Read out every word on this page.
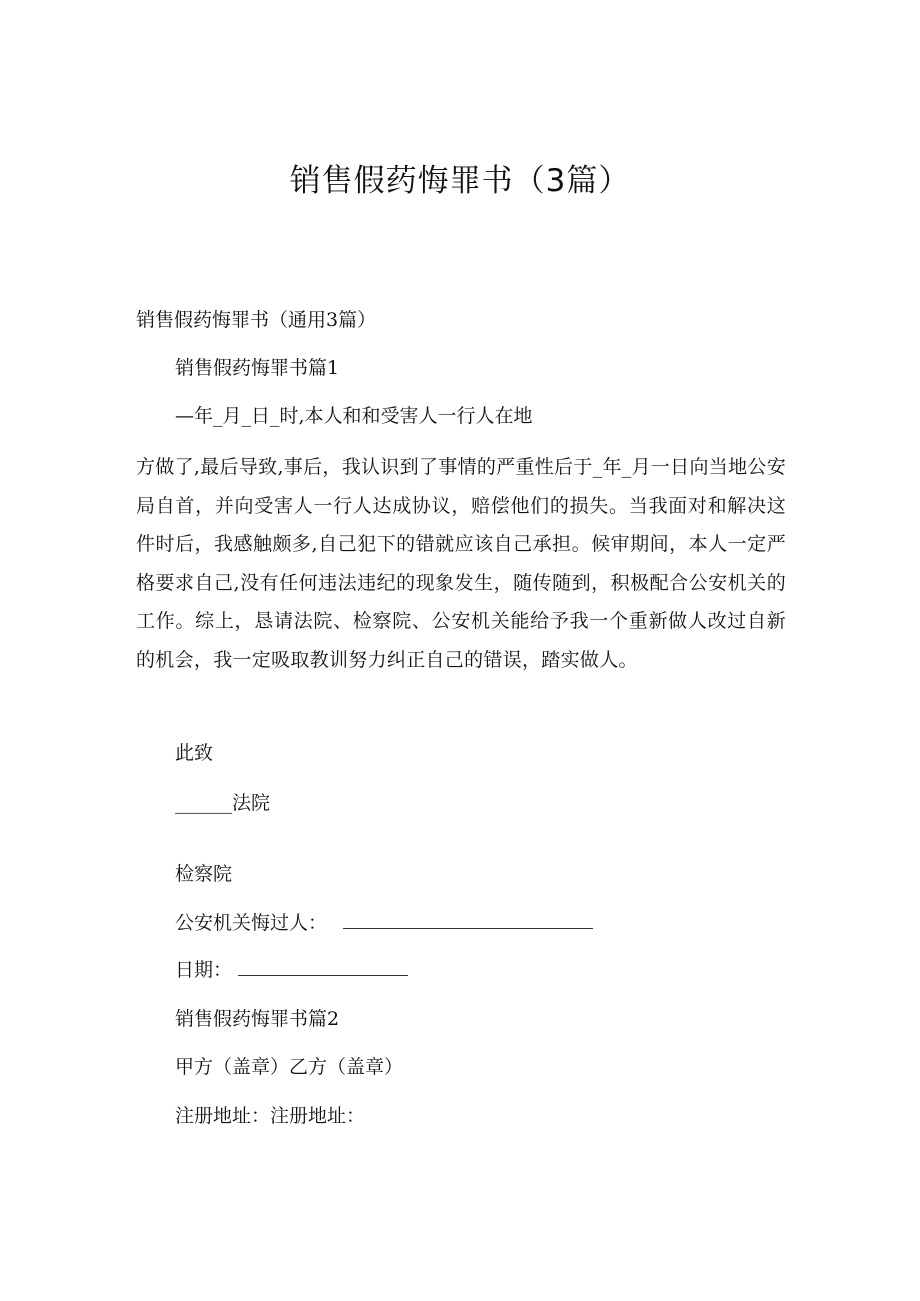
销售假药悔罪书（3篇）

销售假药悔罪书（通用3篇）

销售假药悔罪书篇1

—年_月_日_时,本人和和受害人一行人在地

方做了,最后导致,事后，我认识到了事情的严重性后于_年_月一日向当地公安局自首，并向受害人一行人达成协议，赔偿他们的损失。当我面对和解决这件时后，我感触颇多,自己犯下的错就应该自己承担。候审期间，本人一定严格要求自己,没有任何违法违纪的现象发生，随传随到，积极配合公安机关的工作。综上，恳请法院、检察院、公安机关能给予我一个重新做人改过自新的机会，我一定吸取教训努力纠正自己的错误，踏实做人。

此致

______法院

检察院

公安机关悔过人：

日期：

销售假药悔罪书篇2

甲方（盖章）乙方（盖章）

注册地址：注册地址：
